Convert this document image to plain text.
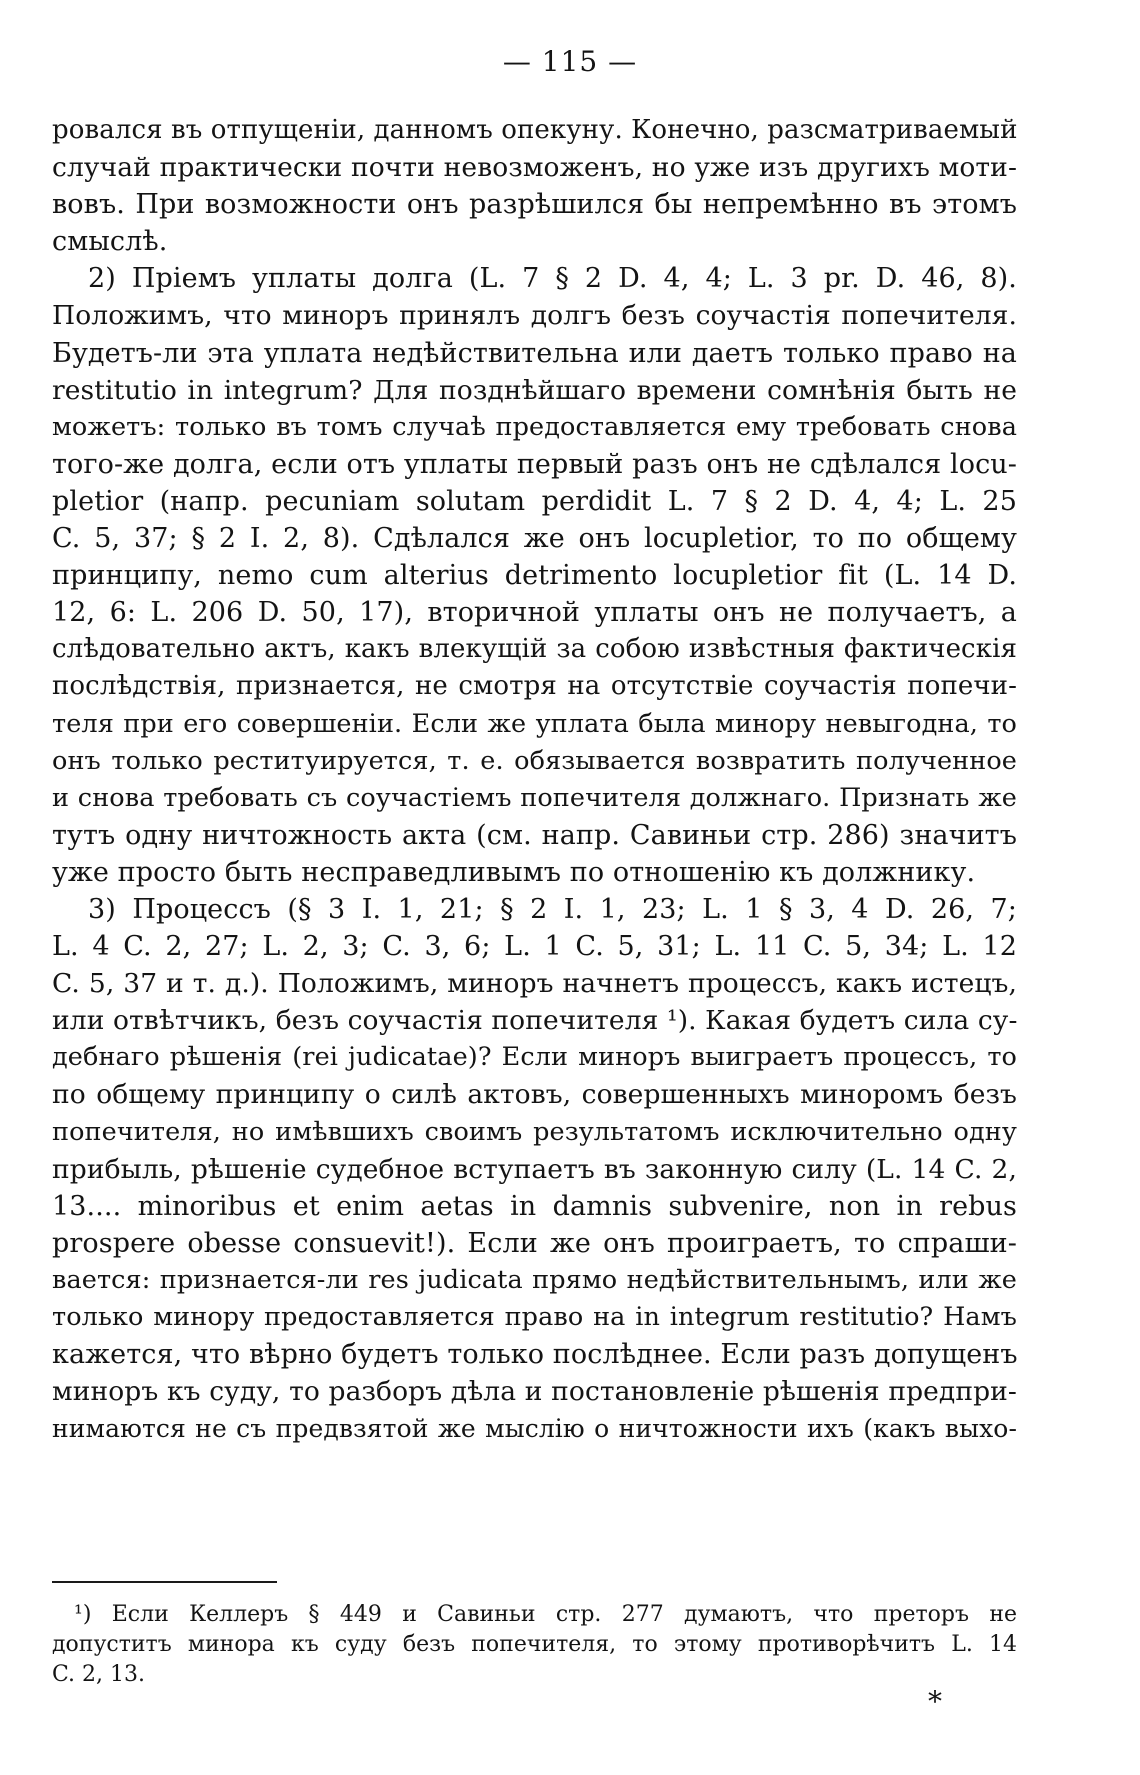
— 115 —
ровался въ отпущеніи, данномъ опекуну. Конечно, разсматриваемый
случай практически почти невозможенъ, но уже изъ другихъ моти-
вовъ. При возможности онъ разрѣшился бы непремѣнно въ этомъ
смыслѣ.
2) Пріемъ уплаты долга (L. 7 § 2 D. 4, 4; L. 3 pr. D. 46, 8).
Положимъ, что миноръ принялъ долгъ безъ соучастія попечителя.
Будетъ-ли эта уплата недѣйствительна или даетъ только право на
restitutio in integrum? Для позднѣйшаго времени сомнѣнія быть не
можетъ: только въ томъ случаѣ предоставляется ему требовать снова
того-же долга, если отъ уплаты первый разъ онъ не сдѣлался locu-
pletior (напр. pecuniam solutam perdidit L. 7 § 2 D. 4, 4; L. 25
C. 5, 37; § 2 I. 2, 8). Сдѣлался же онъ locupletior, то по общему
принципу, nemo cum alterius detrimento locupletior fit (L. 14 D.
12, 6: L. 206 D. 50, 17), вторичной уплаты онъ не получаетъ, а
слѣдовательно актъ, какъ влекущій за собою извѣстныя фактическія
послѣдствія, признается, не смотря на отсутствіе соучастія попечи-
теля при его совершеніи. Если же уплата была минору невыгодна, то
онъ только реституируется, т. е. обязывается возвратить полученное
и снова требовать съ соучастіемъ попечителя должнаго. Признать же
тутъ одну ничтожность акта (см. напр. Савиньи стр. 286) значитъ
уже просто быть несправедливымъ по отношенію къ должнику.
3) Процессъ (§ 3 I. 1, 21; § 2 I. 1, 23; L. 1 § 3, 4 D. 26, 7;
L. 4 C. 2, 27; L. 2, 3; C. 3, 6; L. 1 C. 5, 31; L. 11 C. 5, 34; L. 12
C. 5, 37 и т. д.). Положимъ, миноръ начнетъ процессъ, какъ истецъ,
или отвѣтчикъ, безъ соучастія попечителя ¹). Какая будетъ сила су-
дебнаго рѣшенія (rei judicatae)? Если миноръ выиграетъ процессъ, то
по общему принципу о силѣ актовъ, совершенныхъ миноромъ безъ
попечителя, но имѣвшихъ своимъ результатомъ исключительно одну
прибыль, рѣшеніе судебное вступаетъ въ законную силу (L. 14 C. 2,
13.... minoribus et enim aetas in damnis subvenire, non in rebus
prospere obesse consuevit!). Если же онъ проиграетъ, то спраши-
вается: признается-ли res judicata прямо недѣйствительнымъ, или же
только минору предоставляется право на in integrum restitutio? Намъ
кажется, что вѣрно будетъ только послѣднее. Если разъ допущенъ
миноръ къ суду, то разборъ дѣла и постановленіе рѣшенія предпри-
нимаются не съ предвзятой же мыслію о ничтожности ихъ (какъ выхо-
¹) Если Келлеръ § 449 и Савиньи стр. 277 думаютъ, что преторъ не
допуститъ минора къ суду безъ попечителя, то этому противорѣчитъ L. 14
C. 2, 13.
*
